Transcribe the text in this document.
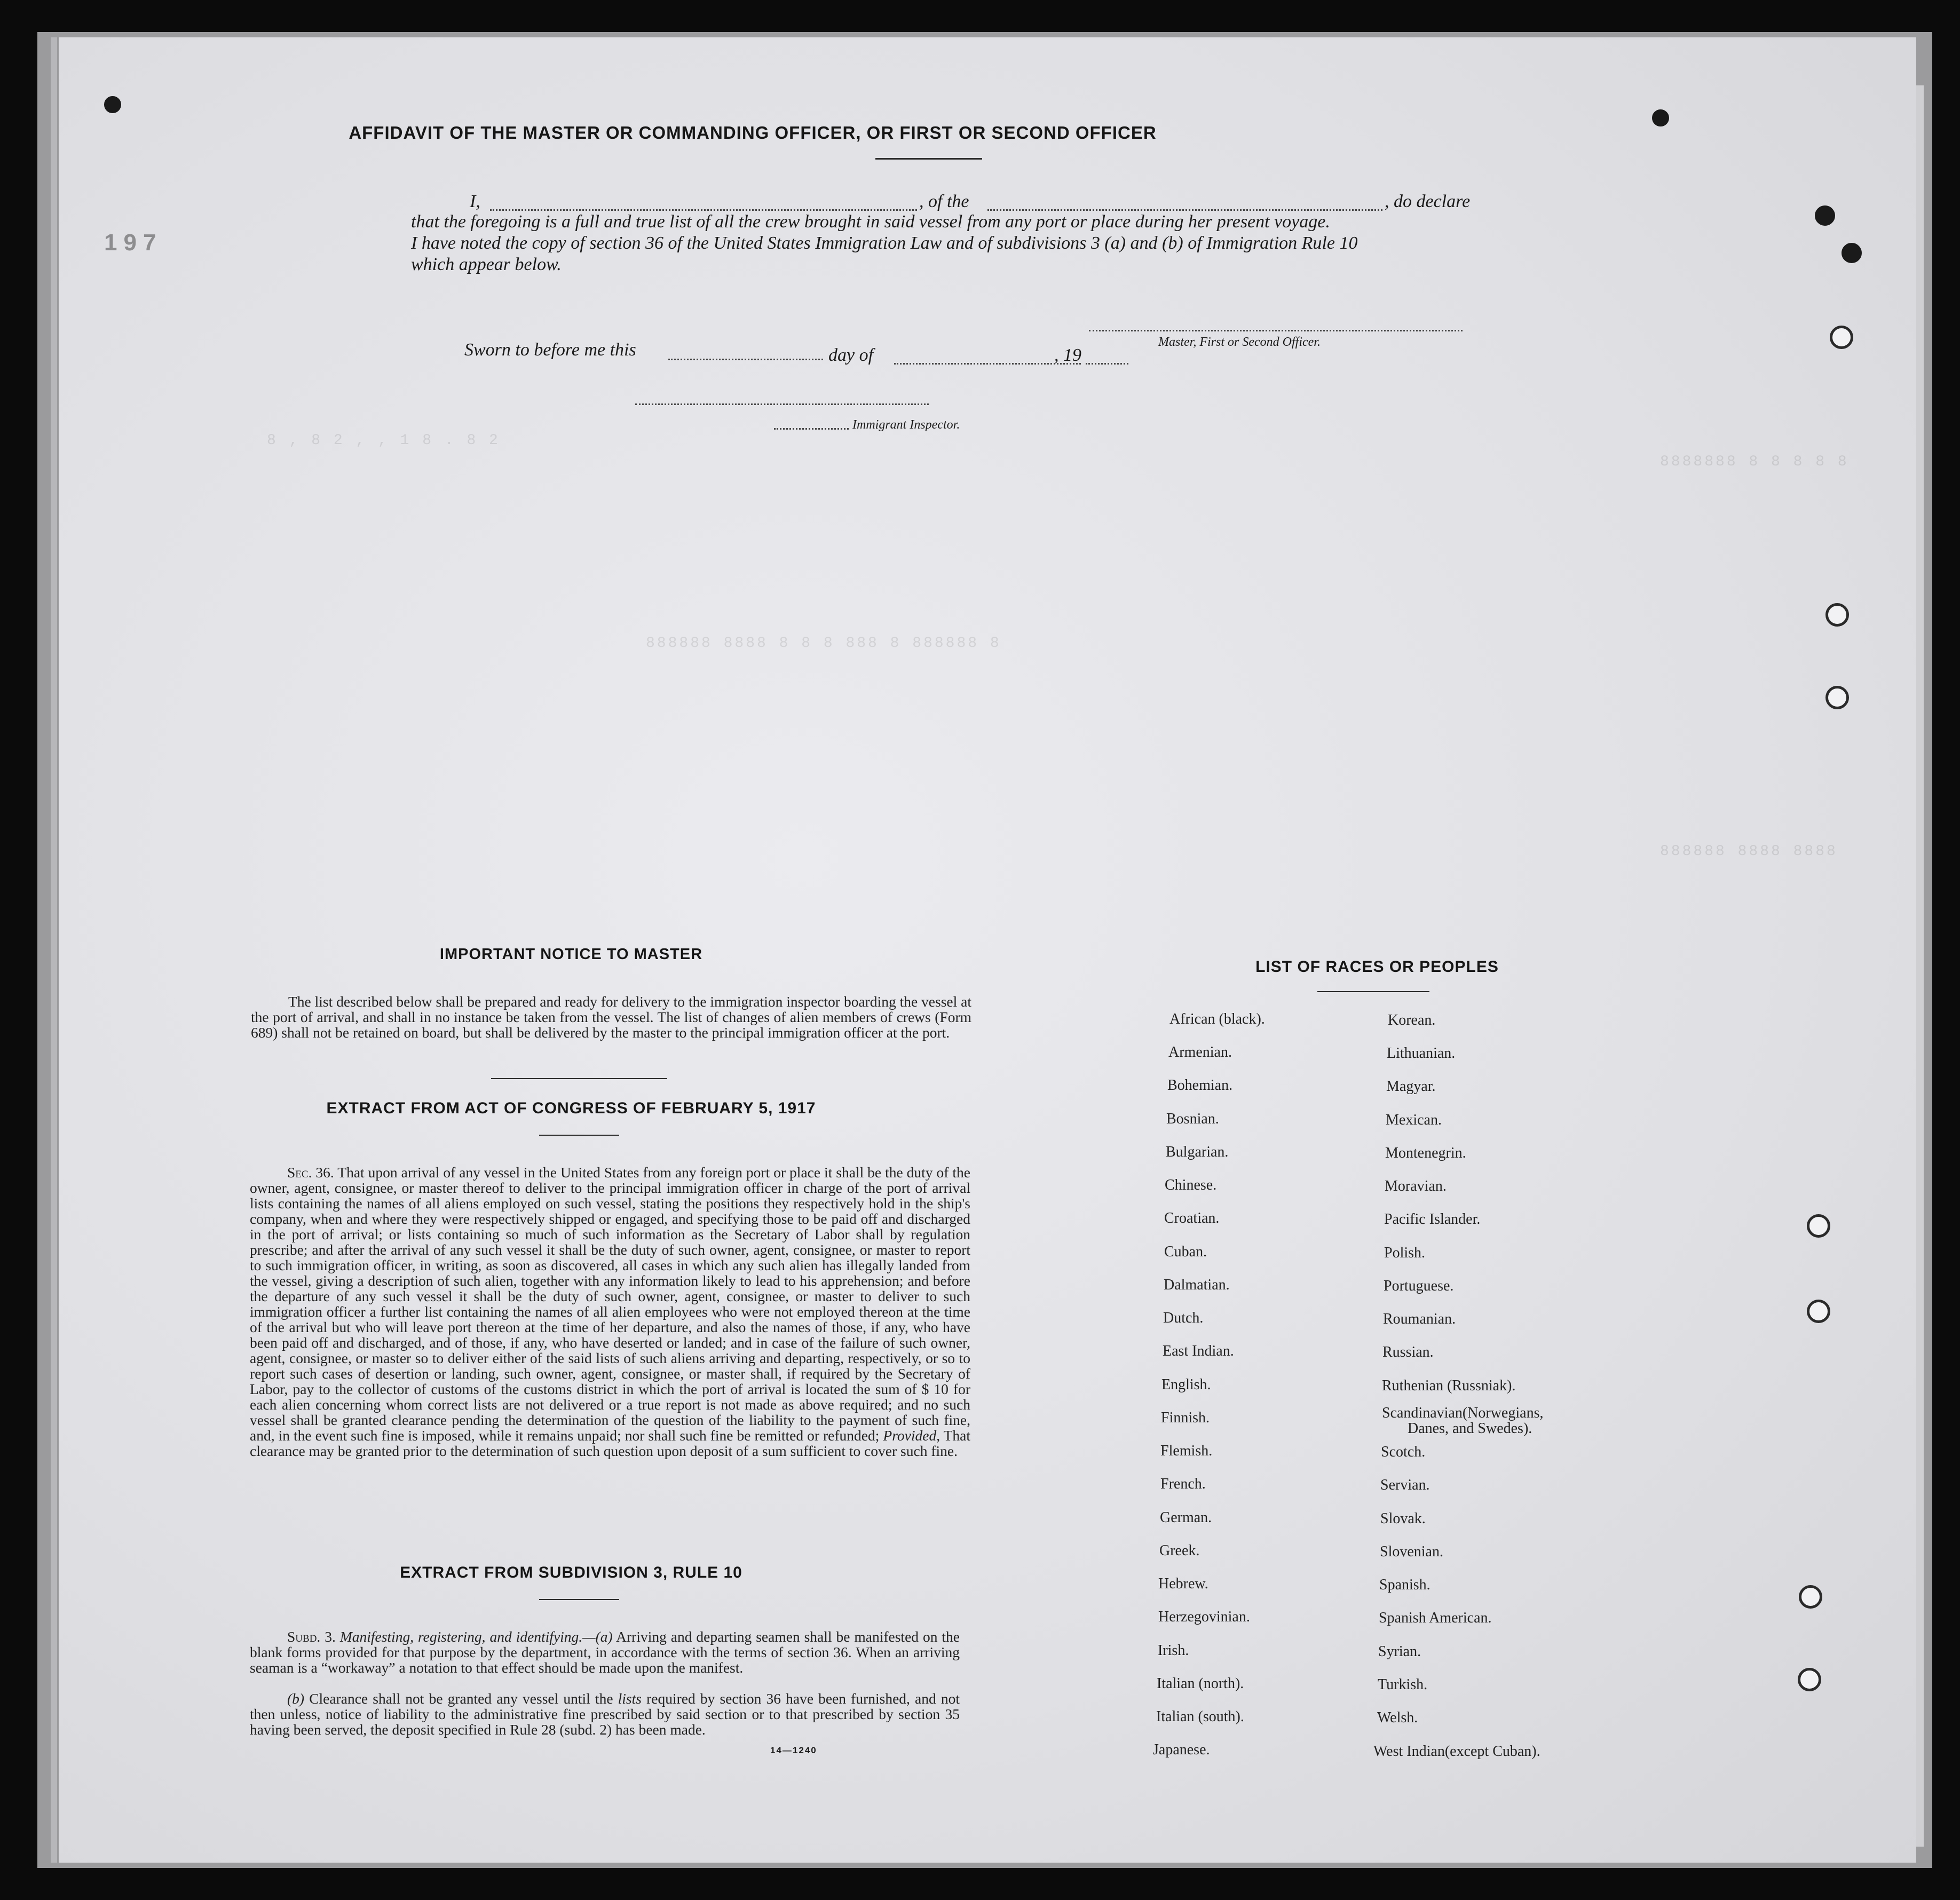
8 , 8 2 , , 1 8 . 8 2
8888888 8 8 8 8 8
888888 8888 8 8 8 888 8 888888 8
888888 8888 8888
197
AFFIDAVIT OF THE MASTER OR COMMANDING OFFICER, OR FIRST OR SECOND OFFICER
I,	, of the	, do declare
that the foregoing is a full and true list of all the crew brought in said vessel from any port or place during her present voyage.
I have noted the copy of section 36 of the United States Immigration Law and of subdivisions 3 (a) and (b) of Immigration Rule 10
which appear below.
Master, First or Second Officer.
Sworn to before me this	day of	, 19
Immigrant Inspector.
IMPORTANT NOTICE TO MASTER
The list described below shall be prepared and ready for delivery to the immigration inspector boarding the vessel at the port of arrival, and shall in no instance be taken from the vessel. The list of changes of alien members of crews (Form 689) shall not be retained on board, but shall be delivered by the master to the principal immigration officer at the port.
EXTRACT FROM ACT OF CONGRESS OF FEBRUARY 5, 1917
Sec. 36. That upon arrival of any vessel in the United States from any foreign port or place it shall be the duty of the owner, agent, consignee, or master thereof to deliver to the principal immigration officer in charge of the port of arrival lists containing the names of all aliens employed on such vessel, stating the positions they respectively hold in the ship's company, when and where they were respectively shipped or engaged, and specifying those to be paid off and discharged in the port of arrival; or lists containing so much of such information as the Secretary of Labor shall by regulation prescribe; and after the arrival of any such vessel it shall be the duty of such owner, agent, consignee, or master to report to such immigration officer, in writing, as soon as discovered, all cases in which any such alien has illegally landed from the vessel, giving a description of such alien, together with any information likely to lead to his apprehension; and before the departure of any such vessel it shall be the duty of such owner, agent, consignee, or master to deliver to such immigration officer a further list containing the names of all alien employees who were not employed thereon at the time of the arrival but who will leave port thereon at the time of her departure, and also the names of those, if any, who have been paid off and discharged, and of those, if any, who have deserted or landed; and in case of the failure of such owner, agent, consignee, or master so to deliver either of the said lists of such aliens arriving and departing, respectively, or so to report such cases of desertion or landing, such owner, agent, consignee, or master shall, if required by the Secretary of Labor, pay to the collector of customs of the customs district in which the port of arrival is located the sum of $ 10 for each alien concerning whom correct lists are not delivered or a true report is not made as above required; and no such vessel shall be granted clearance pending the determination of the question of the liability to the payment of such fine, and, in the event such fine is imposed, while it remains unpaid; nor shall such fine be remitted or refunded; Provided, That clearance may be granted prior to the determination of such question upon deposit of a sum sufficient to cover such fine.
EXTRACT FROM SUBDIVISION 3, RULE 10
Subd. 3. Manifesting, registering, and identifying.—(a) Arriving and departing seamen shall be manifested on the blank forms provided for that purpose by the department, in accordance with the terms of section 36. When an arriving seaman is a “workaway” a notation to that effect should be made upon the manifest.
(b) Clearance shall not be granted any vessel until the lists required by section 36 have been furnished, and not then unless, notice of liability to the administrative fine prescribed by said section or to that prescribed by section 35 having been served, the deposit specified in Rule 28 (subd. 2) has been made.
14—1240
LIST OF RACES OR PEOPLES
African (black).
Armenian.
Bohemian.
Bosnian.
Bulgarian.
Chinese.
Croatian.
Cuban.
Dalmatian.
Dutch.
East Indian.
English.
Finnish.
Flemish.
French.
German.
Greek.
Hebrew.
Herzegovinian.
Irish.
Italian (north).
Italian (south).
Japanese.
Korean.
Lithuanian.
Magyar.
Mexican.
Montenegrin.
Moravian.
Pacific Islander.
Polish.
Portuguese.
Roumanian.
Russian.
Ruthenian (Russniak).
Scandinavian(Norwegians,
Danes, and Swedes).
Scotch.
Servian.
Slovak.
Slovenian.
Spanish.
Spanish American.
Syrian.
Turkish.
Welsh.
West Indian(except Cuban).
